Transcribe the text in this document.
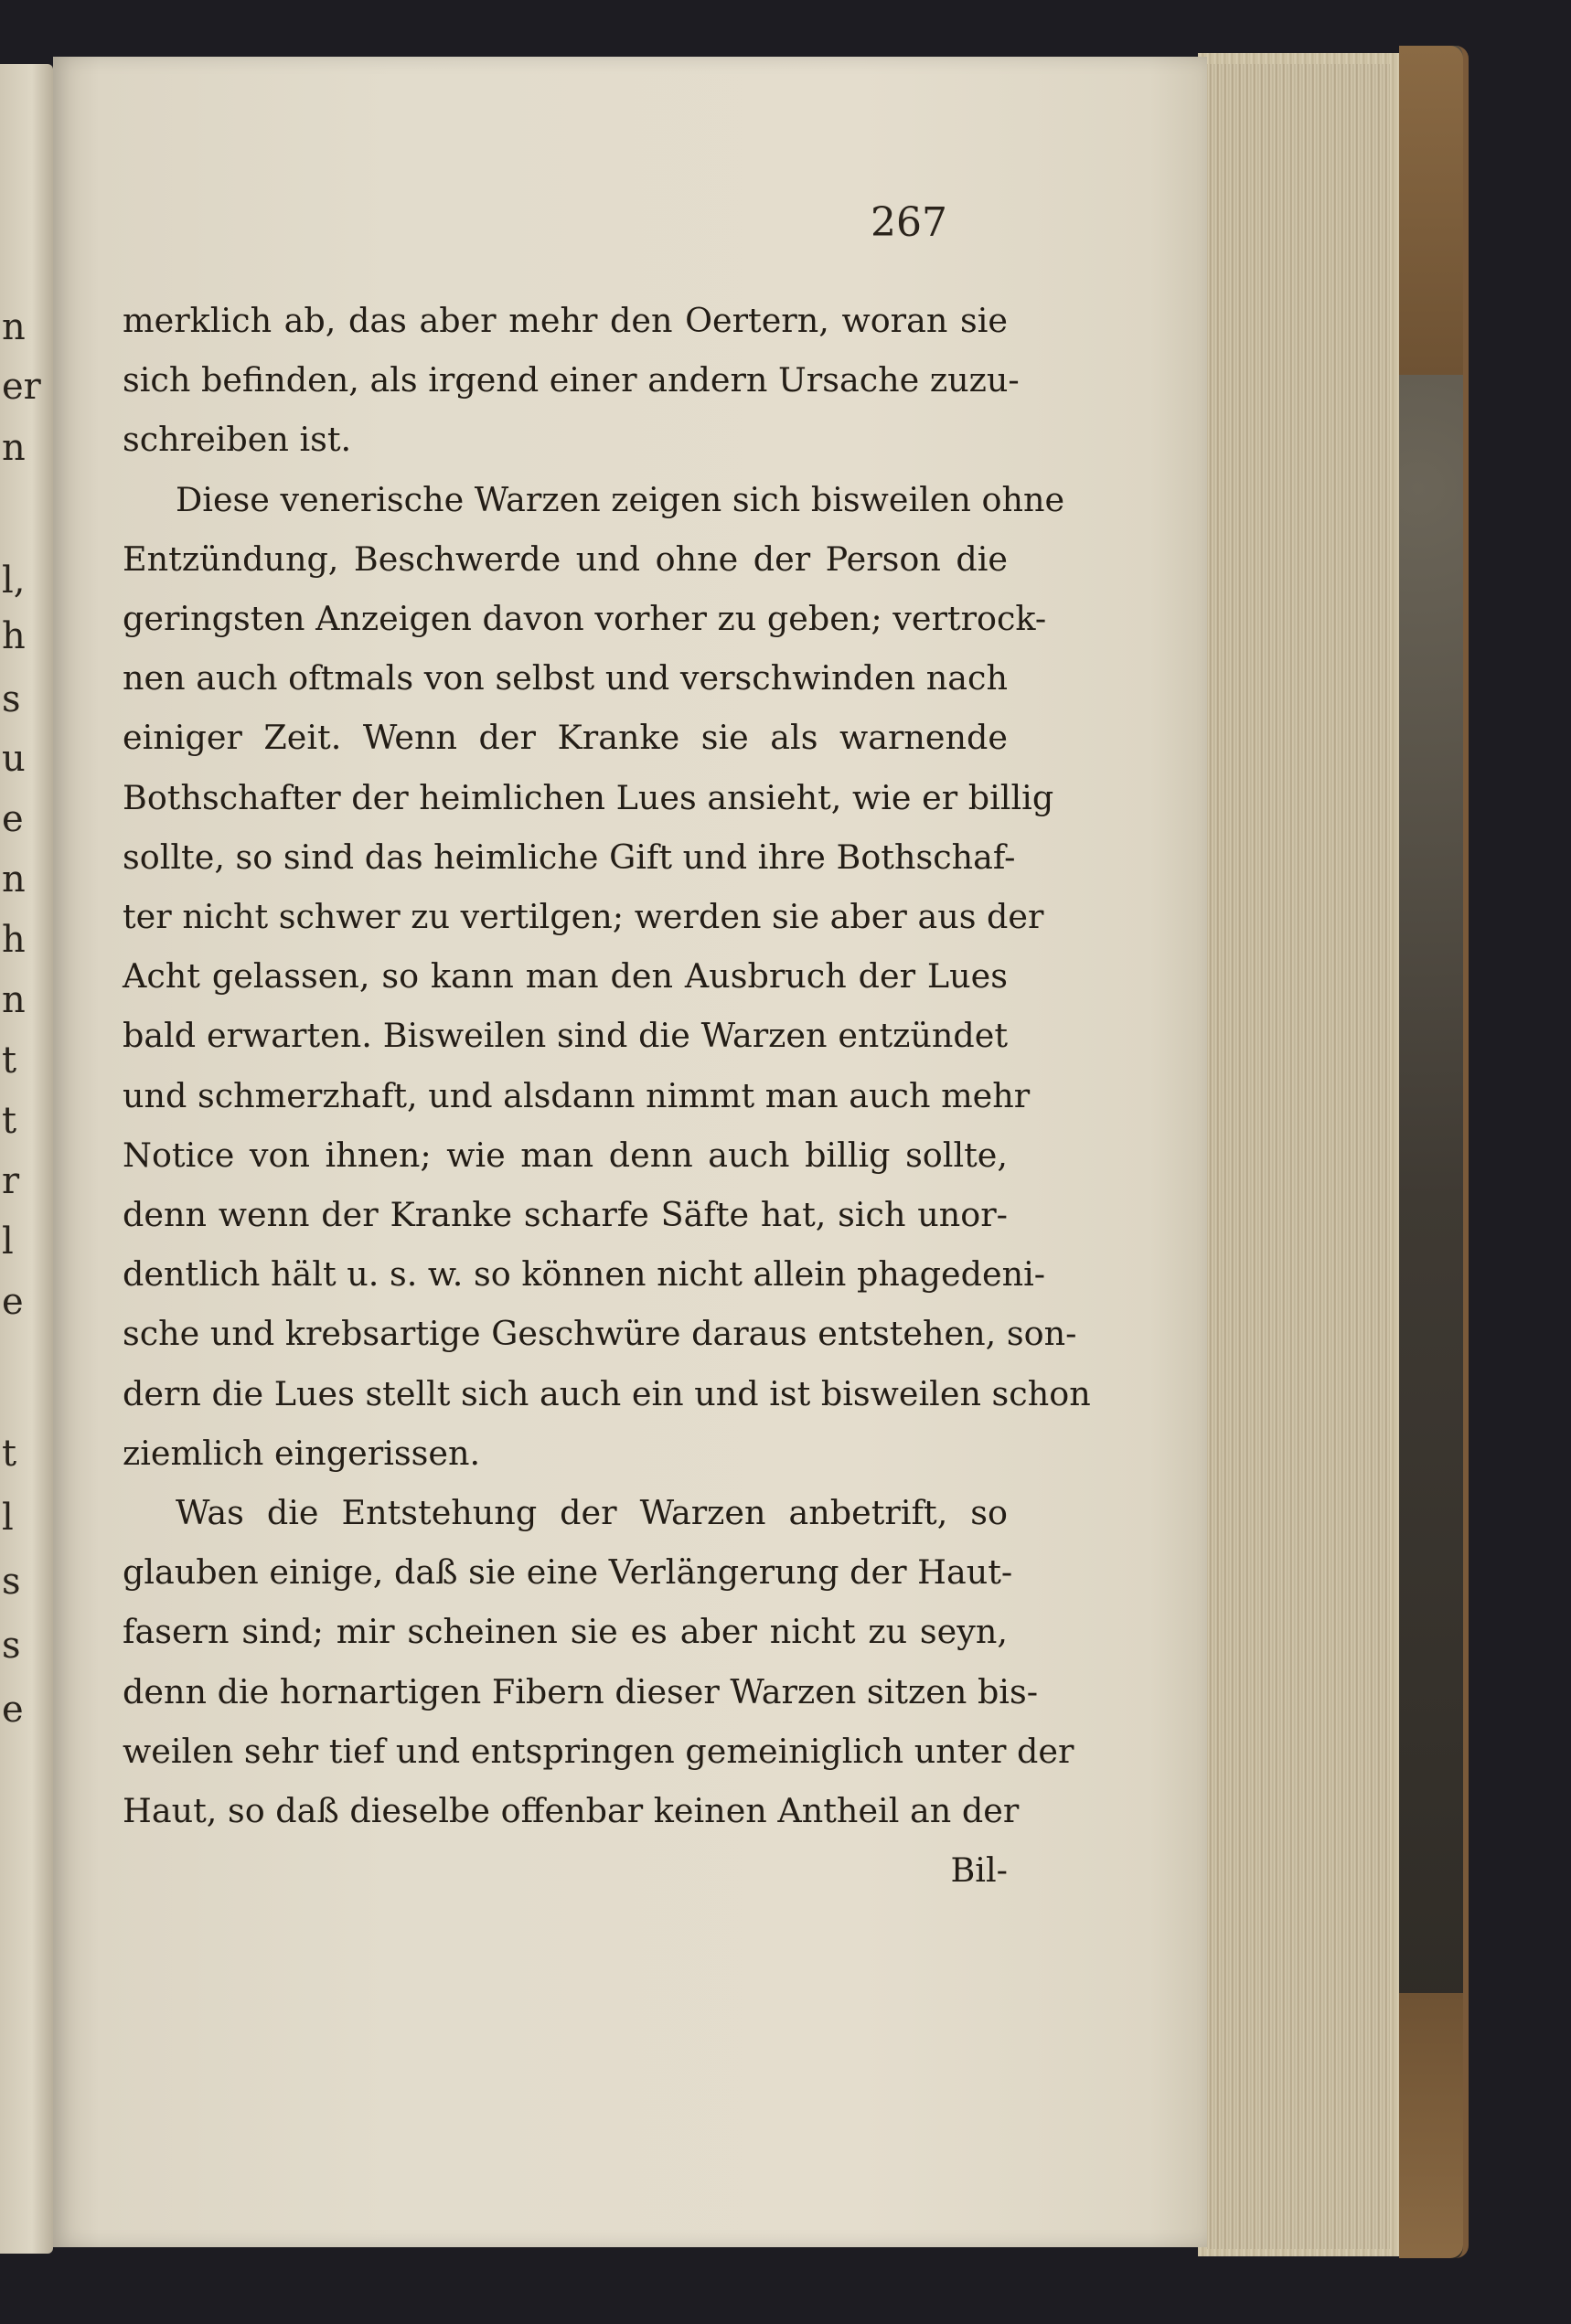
n
er
n
l,
h
s
u
e
n
h
n
t
t
r
l
e
t
l
s
s
e
267
merklich ab, das aber mehr den Oertern, woran sie
sich befinden, als irgend einer andern Ursache zuzu-
schreiben ist.
Diese venerische Warzen zeigen sich bisweilen ohne
Entzündung, Beschwerde und ohne der Person die
geringsten Anzeigen davon vorher zu geben; vertrock-
nen auch oftmals von selbst und verschwinden nach
einiger Zeit. Wenn der Kranke sie als warnende
Bothschafter der heimlichen Lues ansieht, wie er billig
sollte, so sind das heimliche Gift und ihre Bothschaf-
ter nicht schwer zu vertilgen; werden sie aber aus der
Acht gelassen, so kann man den Ausbruch der Lues
bald erwarten. Bisweilen sind die Warzen entzündet
und schmerzhaft, und alsdann nimmt man auch mehr
Notice von ihnen; wie man denn auch billig sollte,
denn wenn der Kranke scharfe Säfte hat, sich unor-
dentlich hält u. s. w. so können nicht allein phagedeni-
sche und krebsartige Geschwüre daraus entstehen, son-
dern die Lues stellt sich auch ein und ist bisweilen schon
ziemlich eingerissen.
Was die Entstehung der Warzen anbetrift, so
glauben einige, daß sie eine Verlängerung der Haut-
fasern sind; mir scheinen sie es aber nicht zu seyn,
denn die hornartigen Fibern dieser Warzen sitzen bis-
weilen sehr tief und entspringen gemeiniglich unter der
Haut, so daß dieselbe offenbar keinen Antheil an der
Bil-
